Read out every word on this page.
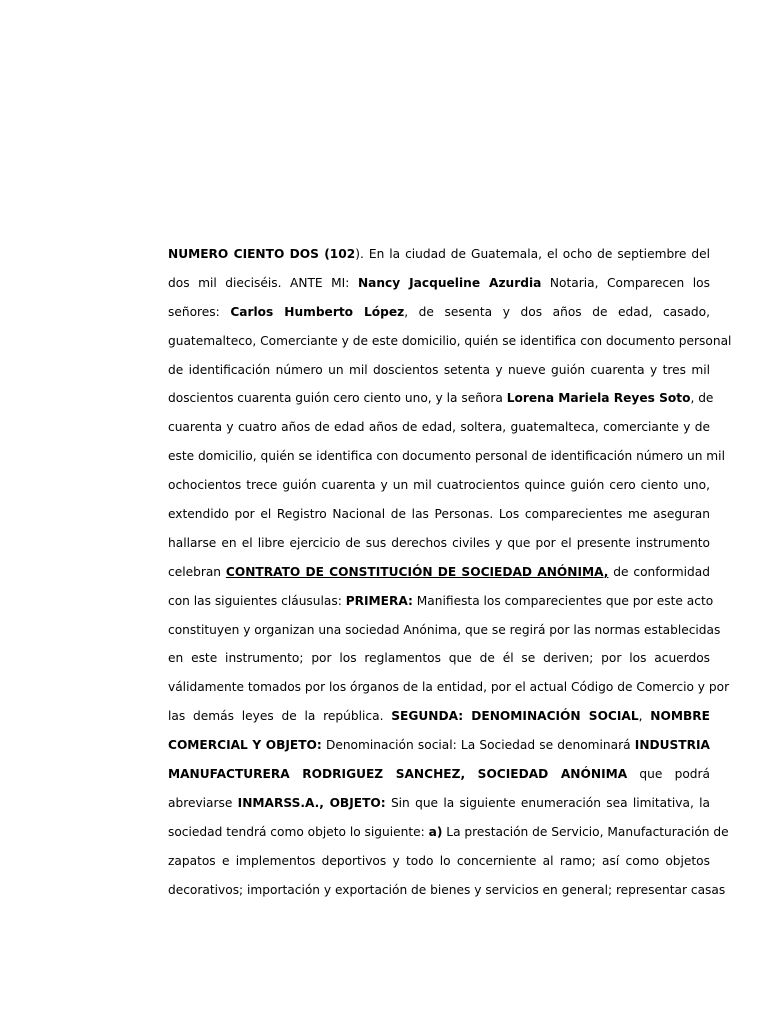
NUMERO CIENTO DOS (102). En la ciudad de Guatemala, el ocho de septiembre del
dos mil dieciséis. ANTE MI: Nancy Jacqueline Azurdia Notaria, Comparecen los
señores: Carlos Humberto López, de sesenta y dos años de edad, casado,
guatemalteco, Comerciante y de este domicilio, quién se identifica con documento personal
de identificación número un mil doscientos setenta y nueve guión cuarenta y tres mil
doscientos cuarenta guión cero ciento uno, y la señora Lorena Mariela Reyes Soto, de
cuarenta y cuatro años de edad años de edad, soltera, guatemalteca, comerciante y de
este domicilio, quién se identifica con documento personal de identificación número un mil
ochocientos trece guión cuarenta y un mil cuatrocientos quince guión cero ciento uno,
extendido por el Registro Nacional de las Personas. Los comparecientes me aseguran
hallarse en el libre ejercicio de sus derechos civiles y que por el presente instrumento
celebran CONTRATO DE CONSTITUCIÓN DE SOCIEDAD ANÓNIMA, de conformidad
con las siguientes cláusulas: PRIMERA: Manifiesta los comparecientes que por este acto
constituyen y organizan una sociedad Anónima, que se regirá por las normas establecidas
en este instrumento; por los reglamentos que de él se deriven; por los acuerdos
válidamente tomados por los órganos de la entidad, por el actual Código de Comercio y por
las demás leyes de la república. SEGUNDA: DENOMINACIÓN SOCIAL, NOMBRE
COMERCIAL Y OBJETO: Denominación social: La Sociedad se denominará INDUSTRIA
MANUFACTURERA RODRIGUEZ SANCHEZ, SOCIEDAD ANÓNIMA que podrá
abreviarse INMARSS.A., OBJETO: Sin que la siguiente enumeración sea limitativa, la
sociedad tendrá como objeto lo siguiente: a) La prestación de Servicio, Manufacturación de
zapatos e implementos deportivos y todo lo concerniente al ramo; así como objetos
decorativos; importación y exportación de bienes y servicios en general; representar casas
